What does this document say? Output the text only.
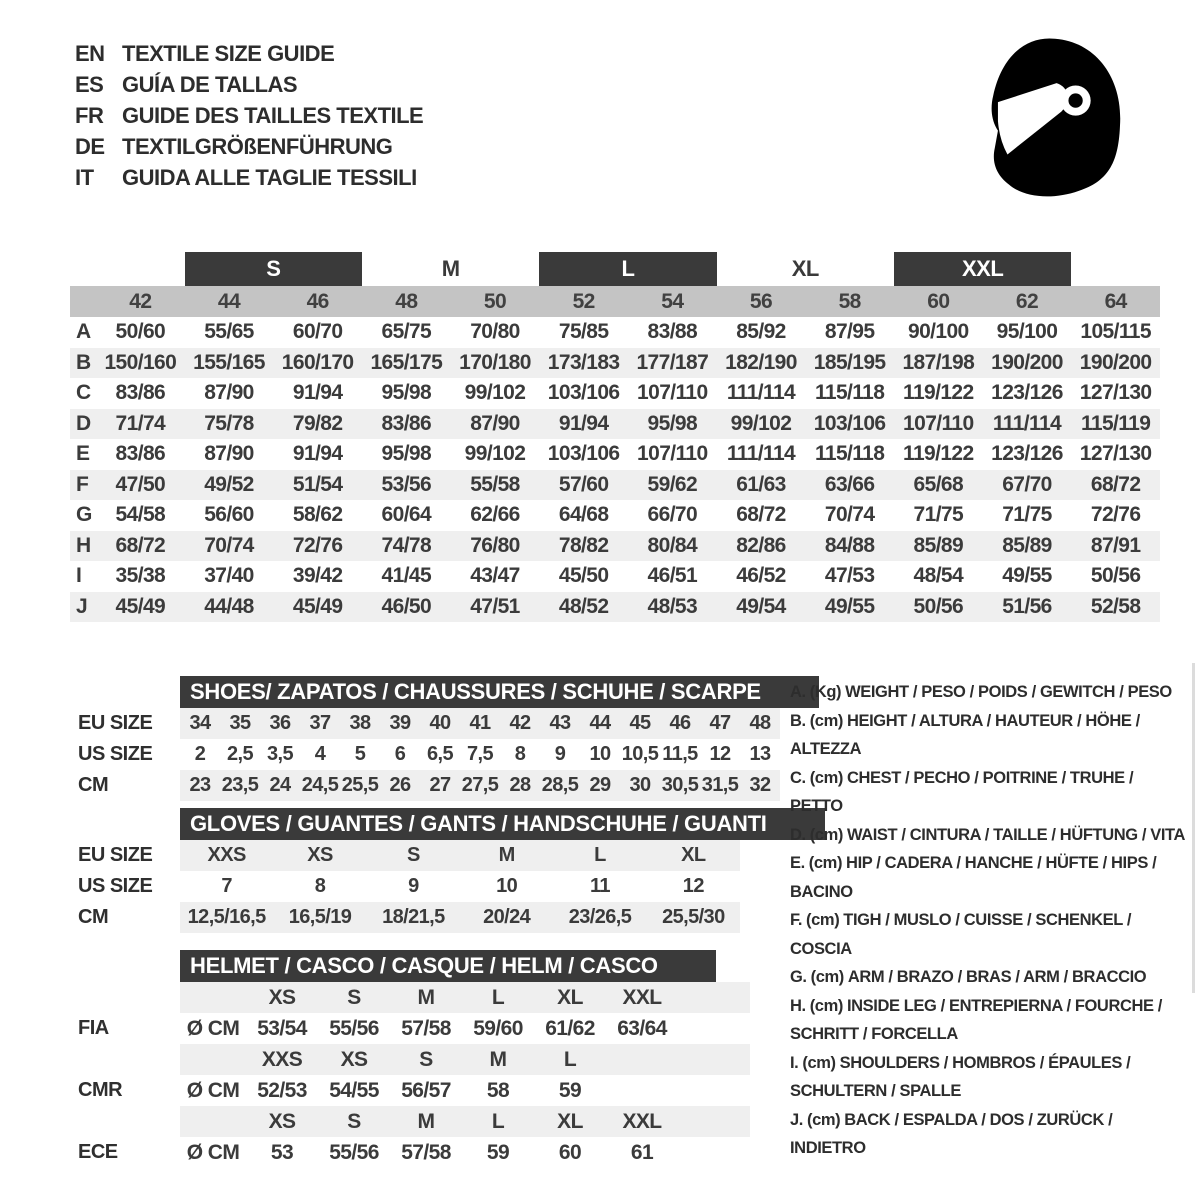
EN TEXTILE SIZE GUIDE
ES GUÍA DE TALLAS
FR GUIDE DES TAILLES TEXTILE
DE TEXTILGRÖßENFÜHRUNG
IT	GUIDA ALLE TAGLIE TESSILI
S	M	L	XL	XXL
42	44	46	48	50	52	54	56	58	60	62	64
A	50/60	55/65	60/70	65/75	70/80	75/85	83/88	85/92	87/95	90/100	95/100	105/115
B 150/160 155/165 160/170 165/175 170/180 173/183 177/187 182/190 185/195 187/198 190/200 190/200
C	83/86	87/90	91/94	95/98	99/102	103/106 107/110 111/114 115/118 119/122 123/126 127/130
D	71/74	75/78	79/82	83/86	87/90	91/94	95/98	99/102	103/106 107/110 111/114 115/119
E	83/86	87/90	91/94	95/98	99/102	103/106 107/110 111/114 115/118 119/122 123/126 127/130
F	47/50	49/52	51/54	53/56	55/58	57/60	59/62	61/63	63/66	65/68	67/70	68/72
G	54/58	56/60	58/62	60/64	62/66	64/68	66/70	68/72	70/74	71/75	71/75	72/76
H	68/72	70/74	72/76	74/78	76/80	78/82	80/84	82/86	84/88	85/89	85/89	87/91
I	35/38	37/40	39/42	41/45	43/47	45/50	46/51	46/52	47/53	48/54	49/55	50/56
J	45/49	44/48	45/49	46/50	47/51	48/52	48/53	49/54	49/55	50/56	51/56	52/58
SHOES/ ZAPATOS / CHAUSSURES / SCHUHE / SCARPE
EU SIZE	34 35 36 37 38 39 40 41 42 43 44 45 46 47 48
US SIZE	2	2,5 3,5	4	5	6	6,5 7,5	8	9	10 10,5 11,5 12 13
CM	23 23,5 24 24,5 25,5 26 27 27,5 28 28,5 29 30 30,5 31,5 32
GLOVES / GUANTES / GANTS / HANDSCHUHE / GUANTI
EU SIZE	XXS	XS	S	M	L	XL
US SIZE	7	8	9	10	11	12
CM	12,5/16,5	16,5/19	18/21,5	20/24	23/26,5	25,5/30
HELMET / CASCO / CASQUE / HELM / CASCO
XS	S	M	L	XL	XXL
FIA	Ø CM 53/54	55/56	57/58	59/60	61/62	63/64
XXS	XS	S	M	L
CMR	Ø CM 52/53	54/55	56/57	58	59
XS	S	M	L	XL	XXL
ECE	Ø CM	53	55/56	57/58	59	60	61
A. (Kg) WEIGHT / PESO / POIDS / GEWITCH / PESO
B. (cm) HEIGHT / ALTURA / HAUTEUR / HÖHE / ALTEZZA
C. (cm) CHEST / PECHO / POITRINE / TRUHE / PETTO
D. (cm) WAIST / CINTURA / TAILLE / HÜFTUNG / VITA
E. (cm) HIP / CADERA / HANCHE / HÜFTE / HIPS / BACINO
F. (cm) TIGH / MUSLO / CUISSE / SCHENKEL / COSCIA
G. (cm) ARM / BRAZO / BRAS / ARM / BRACCIO
H. (cm) INSIDE LEG / ENTREPIERNA / FOURCHE / SCHRITT / FORCELLA
I. (cm) SHOULDERS / HOMBROS / ÉPAULES / SCHULTERN / SPALLE
J. (cm) BACK / ESPALDA / DOS / ZURÜCK / INDIETRO
